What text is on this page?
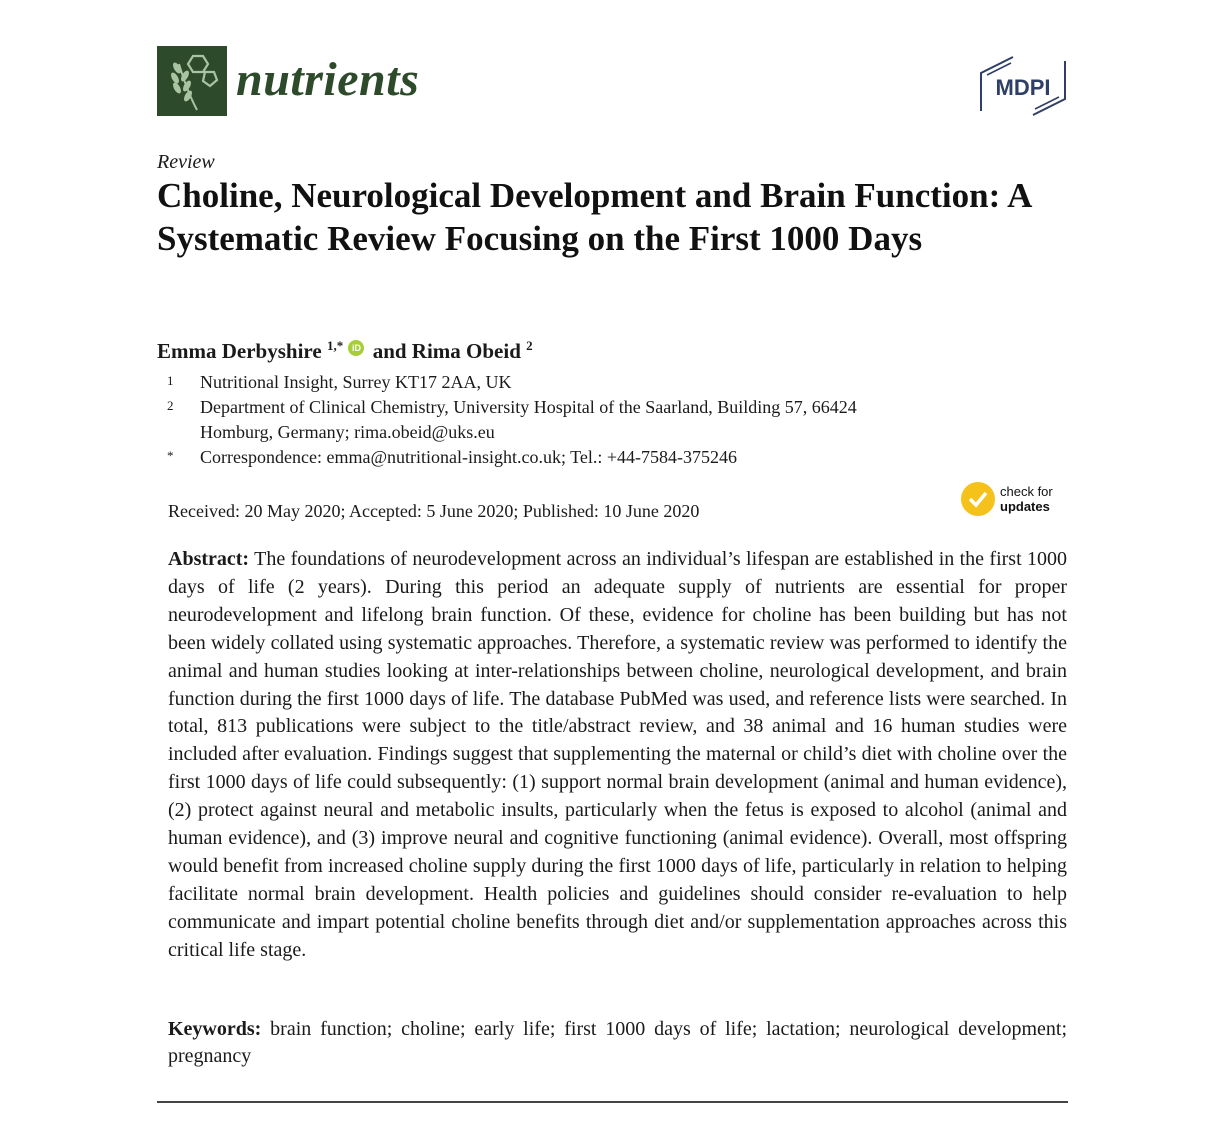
nutrients	MDPI
Review
Choline, Neurological Development and Brain Function: A Systematic Review Focusing on the First 1000 Days
Emma Derbyshire $^{1,*}$ iD and Rima Obeid $^2$
1	Nutritional Insight, Surrey KT17 2AA, UK
2	Department of Clinical Chemistry, University Hospital of the Saarland, Building 57, 66424 Homburg, Germany; rima.obeid@uks.eu
*	Correspondence: emma@nutritional-insight.co.uk; Tel.: +44-7584-375246
Received: 20 May 2020; Accepted: 5 June 2020; Published: 10 June 2020
check for
updates
Abstract: The foundations of neurodevelopment across an individual’s lifespan are established in the first 1000 days of life (2 years). During this period an adequate supply of nutrients are essential for proper neurodevelopment and lifelong brain function. Of these, evidence for choline has been building but has not been widely collated using systematic approaches. Therefore, a systematic review was performed to identify the animal and human studies looking at inter-relationships between choline, neurological development, and brain function during the first 1000 days of life. The database PubMed was used, and reference lists were searched. In total, 813 publications were subject to the title/abstract review, and 38 animal and 16 human studies were included after evaluation. Findings suggest that supplementing the maternal or child’s diet with choline over the first 1000 days of life could subsequently: (1) support normal brain development (animal and human evidence), (2) protect against neural and metabolic insults, particularly when the fetus is exposed to alcohol (animal and human evidence), and (3) improve neural and cognitive functioning (animal evidence). Overall, most offspring would benefit from increased choline supply during the first 1000 days of life, particularly in relation to helping facilitate normal brain development. Health policies and guidelines should consider re-evaluation to help communicate and impart potential choline benefits through diet and/or supplementation approaches across this critical life stage.
Keywords: brain function; choline; early life; first 1000 days of life; lactation; neurological development; pregnancy
